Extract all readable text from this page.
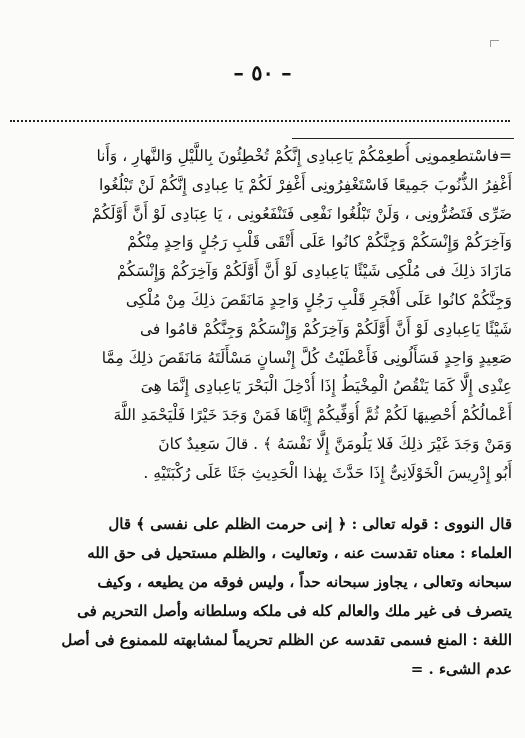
– ٥٠ –
=فاسْتطعِمونِى أُطعِمْكُمْ يَاعِبادِى إِنَّكُمْ تُخْطِئُونَ بِاللَّيْلِ وَالنَّهارِ ، وَأَنا
أَغْفِرُ الذُّنُوبَ جَمِيعًا فَاسْتَغْفِرُونِى أَغْفِرْ لَكُمْ يَا عِبادِى إِنَّكُمْ لَنْ تَبْلُغُوا
ضَرِّى فَتَضُرُّونِى ، وَلَنْ تَبْلُغُوا نَفْعِى فَتَنْفَعُونِى ، يَا عِبَادِى لَوْ أَنَّ أَوَّلَكُمْ
وَآخِرَكُمْ وَإِنْسَكُمْ وَجِنَّكُمْ كانُوا عَلَى أَتْقَى قَلْبِ رَجُلٍ وَاحِدٍ مِنْكُمْ
مَازَادَ ذلِكَ فى مُلْكِى شَيْئًا يَاعِبادِى لَوْ أَنَّ أَوَّلَكُمْ وَآخِرَكُمْ وَإِنْسَكُمْ
وَجِنَّكُمْ كانُوا عَلَى أَفْجَرِ قَلْبِ رَجُلٍ وَاحِدٍ مَانَقَصَ ذلِكَ مِنْ مُلْكِى
شَيْئًا يَاعِبادِى لَوْ أَنَّ أَوَّلَكُمْ وَآخِرَكُمْ وَإِنْسَكُمْ وَجِنَّكُمْ قامُوا فى
صَعِيدٍ وَاحِدٍ فَسَأَلُونِى فَأَعْطَيْتُ كُلَّ إِنْسانٍ مَسْأَلَتَهُ مَانَقَصَ ذلِكَ مِمَّا
عِنْدِى إِلَّا كَمَا يَنْقُصُ الْمِخْيَطُ إِذَا أُدْخِلَ الْبَحْرَ يَاعِبادِى إِنَّمَا هِىَ
أَعْمالُكُمْ أُحْصِيهَا لَكُمْ ثُمَّ أُوَفِّيكُمْ إِيَّاهَا فَمَنْ وَجَدَ خَيْرًا فَلْيَحْمَدِ اللَّهَ
وَمَنْ وَجَدَ غَيْرَ ذلِكَ فَلا يَلُومَنَّ إِلَّا نَفْسَهُ ﴾ . قالَ سَعِيدٌ كانَ
أَبُو إِدْرِيسَ الْخَوْلَانِىُّ إِذَا حَدَّثَ بِهٰذا الْحَدِيثِ جَثَا عَلَى رُكْبَتَيْهِ .
قال النووى : قوله تعالى : ﴿ إنى حرمت الظلم على نفسى ﴾ قال
العلماء : معناه تقدست عنه ، وتعاليت ، والظلم مستحيل فى حق الله
سبحانه وتعالى ، يجاوز سبحانه حداً ، وليس فوقه من يطيعه ، وكيف
يتصرف فى غير ملك والعالم كله فى ملكه وسلطانه وأصل التحريم فى
اللغة : المنع فسمى تقدسه عن الظلم تحريماً لمشابهته للممنوع فى أصل
عدم الشىء . =
